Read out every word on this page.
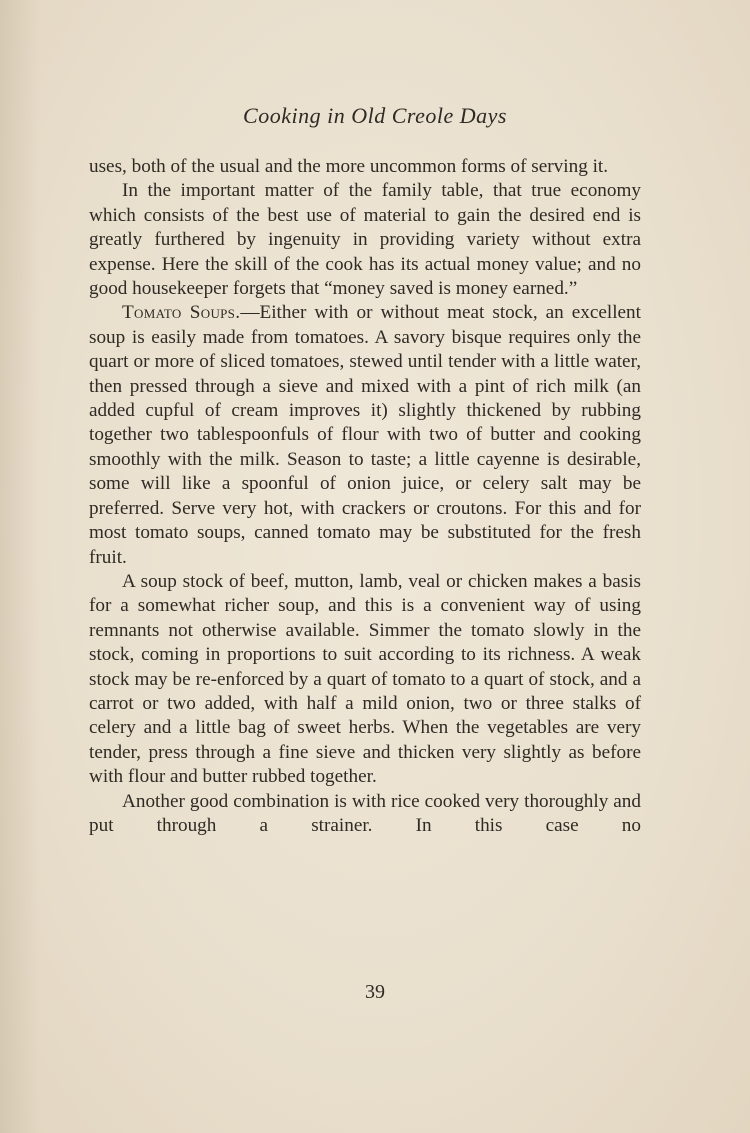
Cooking in Old Creole Days

uses, both of the usual and the more uncommon forms of serving it.

In the important matter of the family table, that true economy which consists of the best use of material to gain the desired end is greatly furthered by ingenuity in providing variety without extra expense. Here the skill of the cook has its actual money value; and no good housekeeper forgets that “money saved is money earned.”

Tomato Soups.—Either with or without meat stock, an excellent soup is easily made from tomatoes. A savory bisque requires only the quart or more of sliced tomatoes, stewed until tender with a little water, then pressed through a sieve and mixed with a pint of rich milk (an added cupful of cream improves it) slightly thickened by rubbing together two tablespoonfuls of flour with two of butter and cooking smoothly with the milk. Season to taste; a little cayenne is desirable, some will like a spoonful of onion juice, or celery salt may be preferred. Serve very hot, with crackers or croutons. For this and for most tomato soups, canned tomato may be substituted for the fresh fruit.

A soup stock of beef, mutton, lamb, veal or chicken makes a basis for a somewhat richer soup, and this is a convenient way of using remnants not otherwise available. Simmer the tomato slowly in the stock, coming in proportions to suit according to its richness. A weak stock may be re-enforced by a quart of tomato to a quart of stock, and a carrot or two added, with half a mild onion, two or three stalks of celery and a little bag of sweet herbs. When the vegetables are very tender, press through a fine sieve and thicken very slightly as before with flour and butter rubbed together.

Another good combination is with rice cooked very thoroughly and put through a strainer. In this case no

39
